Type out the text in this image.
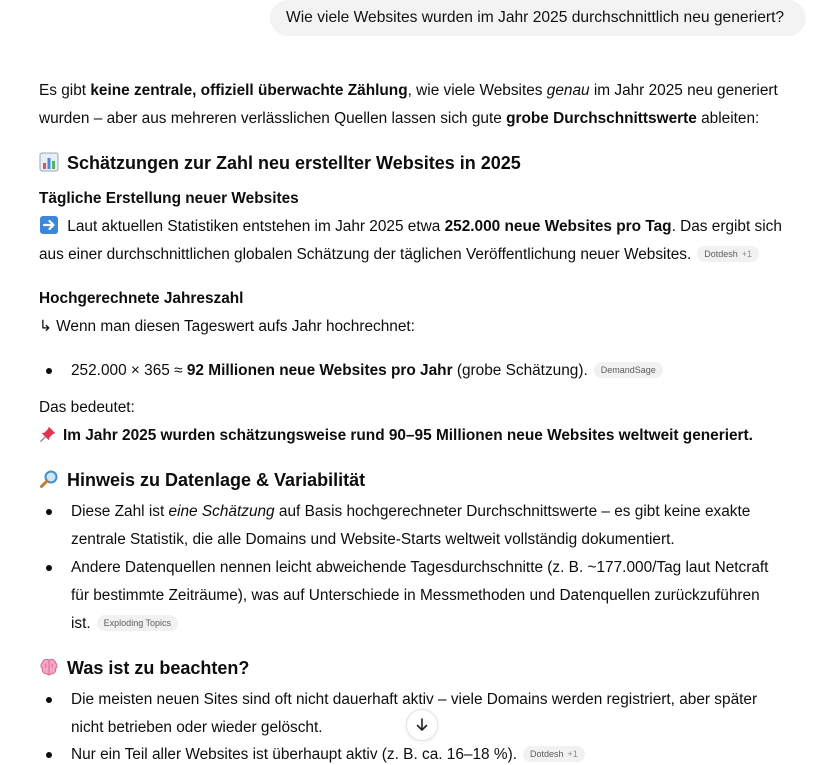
Wie viele Websites wurden im Jahr 2025 durchschnittlich neu generiert?
Es gibt keine zentrale, offiziell überwachte Zählung, wie viele Websites genau im Jahr 2025 neu generiert
wurden – aber aus mehreren verlässlichen Quellen lassen sich gute grobe Durchschnittswerte ableiten:
Schätzungen zur Zahl neu erstellter Websites in 2025
Tägliche Erstellung neuer Websites
Laut aktuellen Statistiken entstehen im Jahr 2025 etwa 252.000 neue Websites pro Tag. Das ergibt sich
aus einer durchschnittlichen globalen Schätzung der täglichen Veröffentlichung neuer Websites. Dotdesh +1
Hochgerechnete Jahreszahl
↳ Wenn man diesen Tageswert aufs Jahr hochrechnet:
252.000 × 365 ≈ 92 Millionen neue Websites pro Jahr (grobe Schätzung). DemandSage
Das bedeutet:
Im Jahr 2025 wurden schätzungsweise rund 90–95 Millionen neue Websites weltweit generiert.
Hinweis zu Datenlage & Variabilität
Diese Zahl ist eine Schätzung auf Basis hochgerechneter Durchschnittswerte – es gibt keine exakte
zentrale Statistik, die alle Domains und Website-Starts weltweit vollständig dokumentiert.
Andere Datenquellen nennen leicht abweichende Tagesdurchschnitte (z. B. ~177.000/Tag laut Netcraft
für bestimmte Zeiträume), was auf Unterschiede in Messmethoden und Datenquellen zurückzuführen
ist. Exploding Topics
Was ist zu beachten?
Die meisten neuen Sites sind oft nicht dauerhaft aktiv – viele Domains werden registriert, aber später
nicht betrieben oder wieder gelöscht.
Nur ein Teil aller Websites ist überhaupt aktiv (z. B. ca. 16–18 %). Dotdesh +1
